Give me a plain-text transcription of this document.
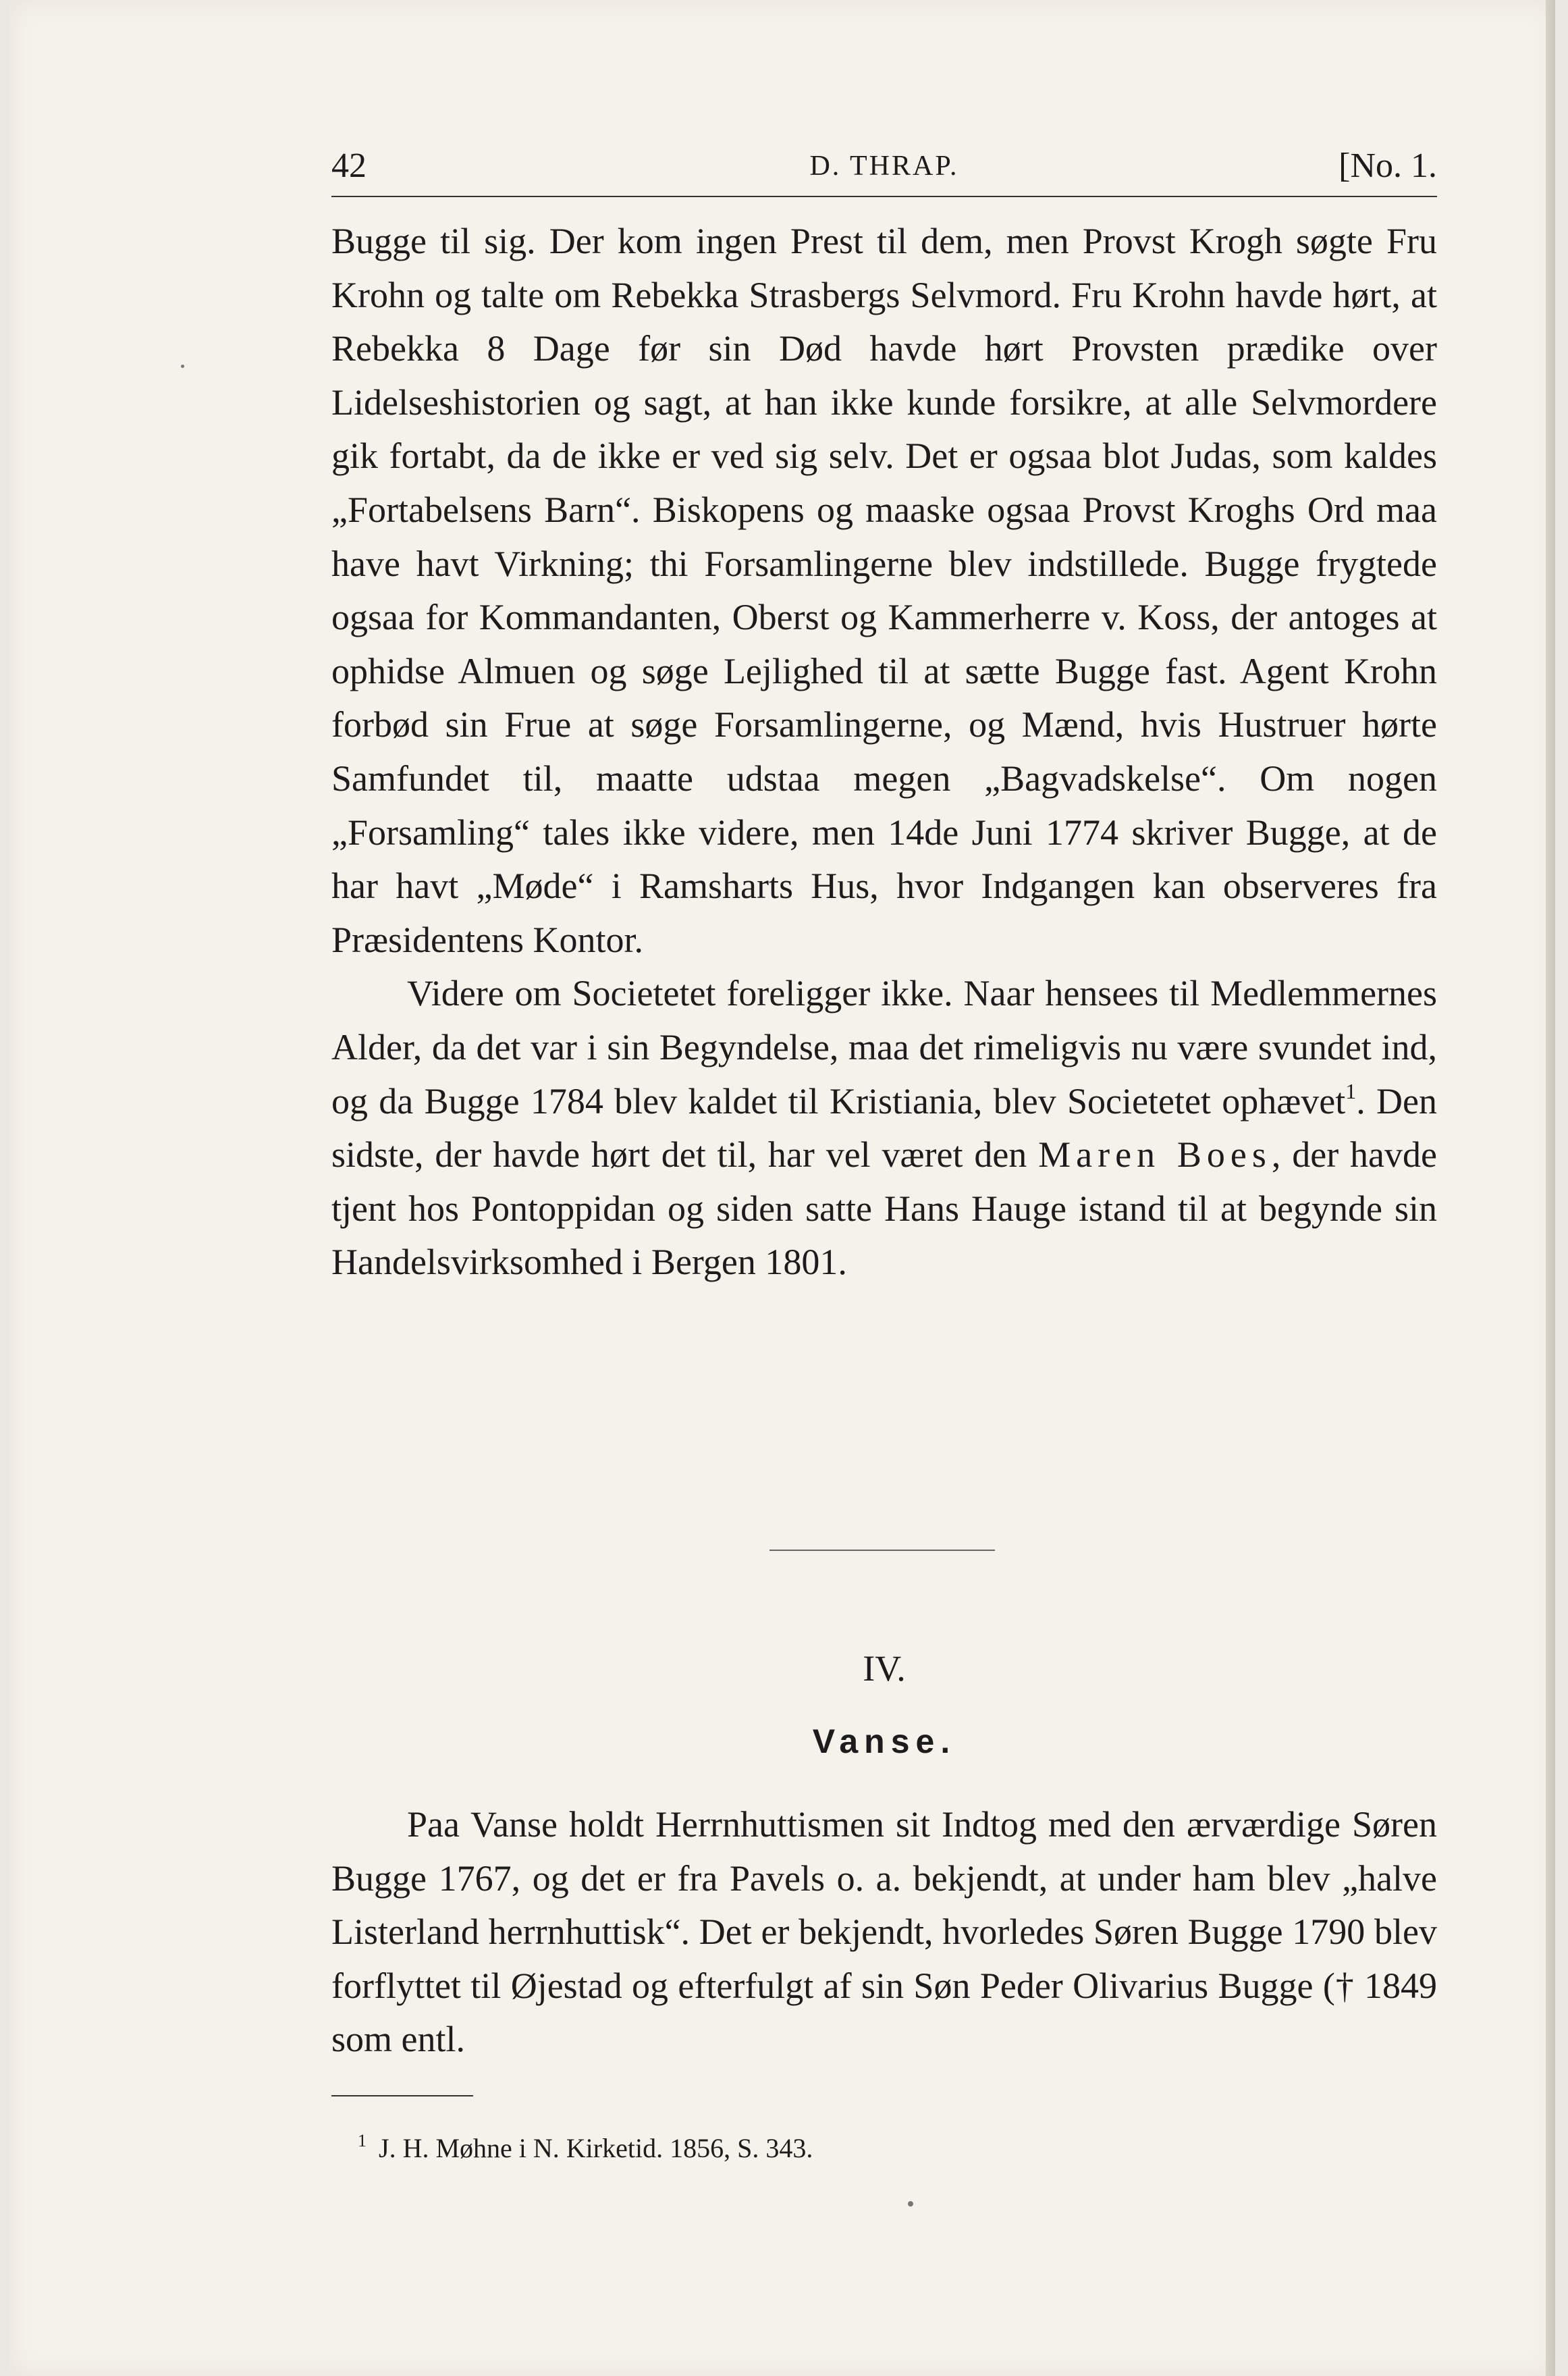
42	D. THRAP.	[No. 1.

Bugge til sig. Der kom ingen Prest til dem, men Provst Krogh søgte Fru Krohn og talte om Rebekka Strasbergs Selvmord. Fru Krohn havde hørt, at Rebekka 8 Dage før sin Død havde hørt Provsten prædike over Lidelseshistorien og sagt, at han ikke kunde forsikre, at alle Selvmordere gik fortabt, da de ikke er ved sig selv. Det er ogsaa blot Judas, som kaldes „Fortabelsens Barn“. Biskopens og maaske ogsaa Provst Kroghs Ord maa have havt Virkning; thi Forsamlingerne blev indstillede. Bugge frygtede ogsaa for Kommandanten, Oberst og Kammerherre v. Koss, der antoges at ophidse Almuen og søge Lejlighed til at sætte Bugge fast. Agent Krohn forbød sin Frue at søge Forsamlingerne, og Mænd, hvis Hustruer hørte Samfundet til, maatte udstaa megen „Bagvadskelse“. Om nogen „Forsamling“ tales ikke videre, men 14de Juni 1774 skriver Bugge, at de har havt „Møde“ i Ramsharts Hus, hvor Indgangen kan observeres fra Præsidentens Kontor.

Videre om Societetet foreligger ikke. Naar hensees til Medlemmernes Alder, da det var i sin Begyndelse, maa det rimeligvis nu være svundet ind, og da Bugge 1784 blev kaldet til Kristiania, blev Societetet ophævet$^1$. Den sidste, der havde hørt det til, har vel været den Maren Boes, der havde tjent hos Pontoppidan og siden satte Hans Hauge istand til at begynde sin Handelsvirksomhed i Bergen 1801.

IV.
Vanse.

Paa Vanse holdt Herrnhuttismen sit Indtog med den ærværdige Søren Bugge 1767, og det er fra Pavels o. a. bekjendt, at under ham blev „halve Listerland herrnhuttisk“. Det er bekjendt, hvorledes Søren Bugge 1790 blev forflyttet til Øjestad og efterfulgt af sin Søn Peder Olivarius Bugge († 1849 som entl.

$^1$ J. H. Møhne i N. Kirketid. 1856, S. 343.
